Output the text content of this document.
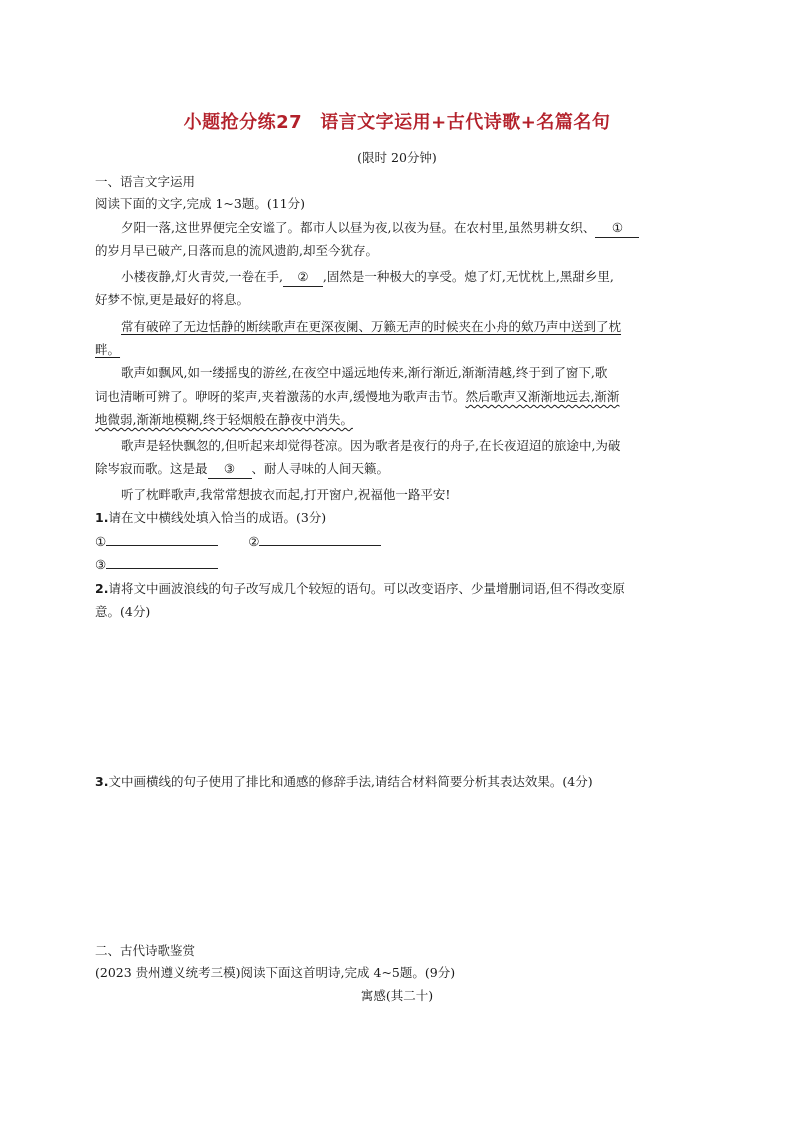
小题抢分练27 语言文字运用+古代诗歌+名篇名句
(限时 20分钟)
一、语言文字运用
阅读下面的文字,完成 1~3题。(11分)
夕阳一落,这世界便完全安谧了。都市人以昼为夜,以夜为昼。在农村里,虽然男耕女织、 ①
的岁月早已破产,日落而息的流风遗韵,却至今犹存。
小楼夜静,灯火青荧,一卷在手, ② ,固然是一种极大的享受。熄了灯,无忧枕上,黑甜乡里,
好梦不惊,更是最好的将息。
常有破碎了无边恬静的断续歌声在更深夜阑、万籁无声的时候夹在小舟的欸乃声中送到了枕
畔。
歌声如飘风,如一缕摇曳的游丝,在夜空中遥远地传来,渐行渐近,渐渐清越,终于到了窗下,歌
词也清晰可辨了。咿呀的桨声,夹着激荡的水声,缓慢地为歌声击节。然后歌声又渐渐地远去,渐渐
地微弱,渐渐地模糊,终于轻烟般在静夜中消失。
歌声是轻快飘忽的,但听起来却觉得苍凉。因为歌者是夜行的舟子,在长夜迢迢的旅途中,为破
除岑寂而歌。这是最 ③ 、耐人寻味的人间天籁。
听了枕畔歌声,我常常想披衣而起,打开窗户,祝福他一路平安!
1.请在文中横线处填入恰当的成语。(3分)
①	②
③
2.请将文中画波浪线的句子改写成几个较短的语句。可以改变语序、少量增删词语,但不得改变原
意。(4分)
3.文中画横线的句子使用了排比和通感的修辞手法,请结合材料简要分析其表达效果。(4分)
二、古代诗歌鉴赏
(2023 贵州遵义统考三模)阅读下面这首明诗,完成 4~5题。(9分)
寓感(其二十)
